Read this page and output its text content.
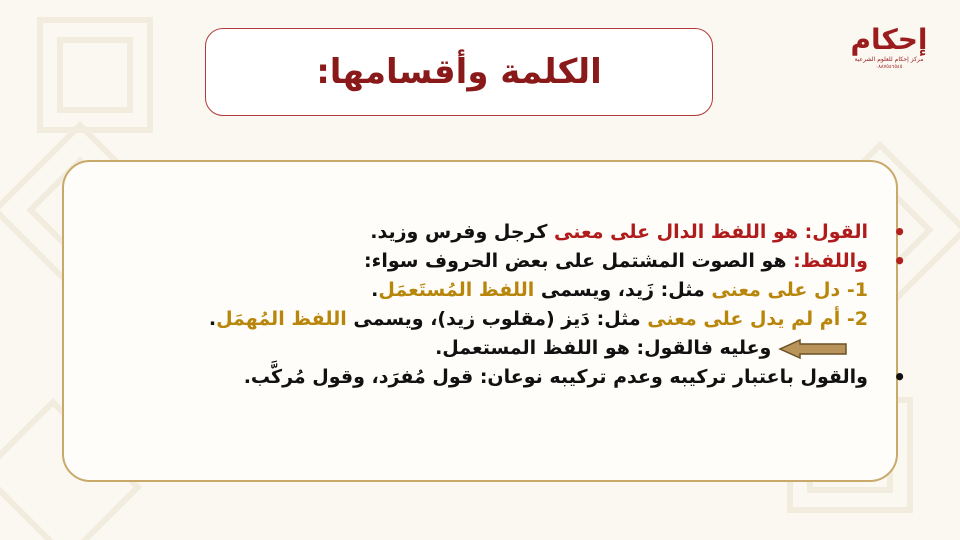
إحكام
مركز إحكام للعلوم الشرعية
٠٨٨٧٥٤٦٥٤٥
الكلمة وأقسامها:
•
القول: هو اللفظ الدال على معنى كرجل وفرس وزيد.
•
واللفظ: هو الصوت المشتمل على بعض الحروف سواء:
1- دل على معنى مثل: زَيد، ويسمى اللفظ المُستَعمَل.
2- أم لم يدل على معنى مثل: دَيز (مقلوب زيد)، ويسمى اللفظ المُهمَل.
وعليه فالقول: هو اللفظ المستعمل.
•
والقول باعتبار تركيبه وعدم تركيبه نوعان: قول مُفرَد، وقول مُركَّب.
